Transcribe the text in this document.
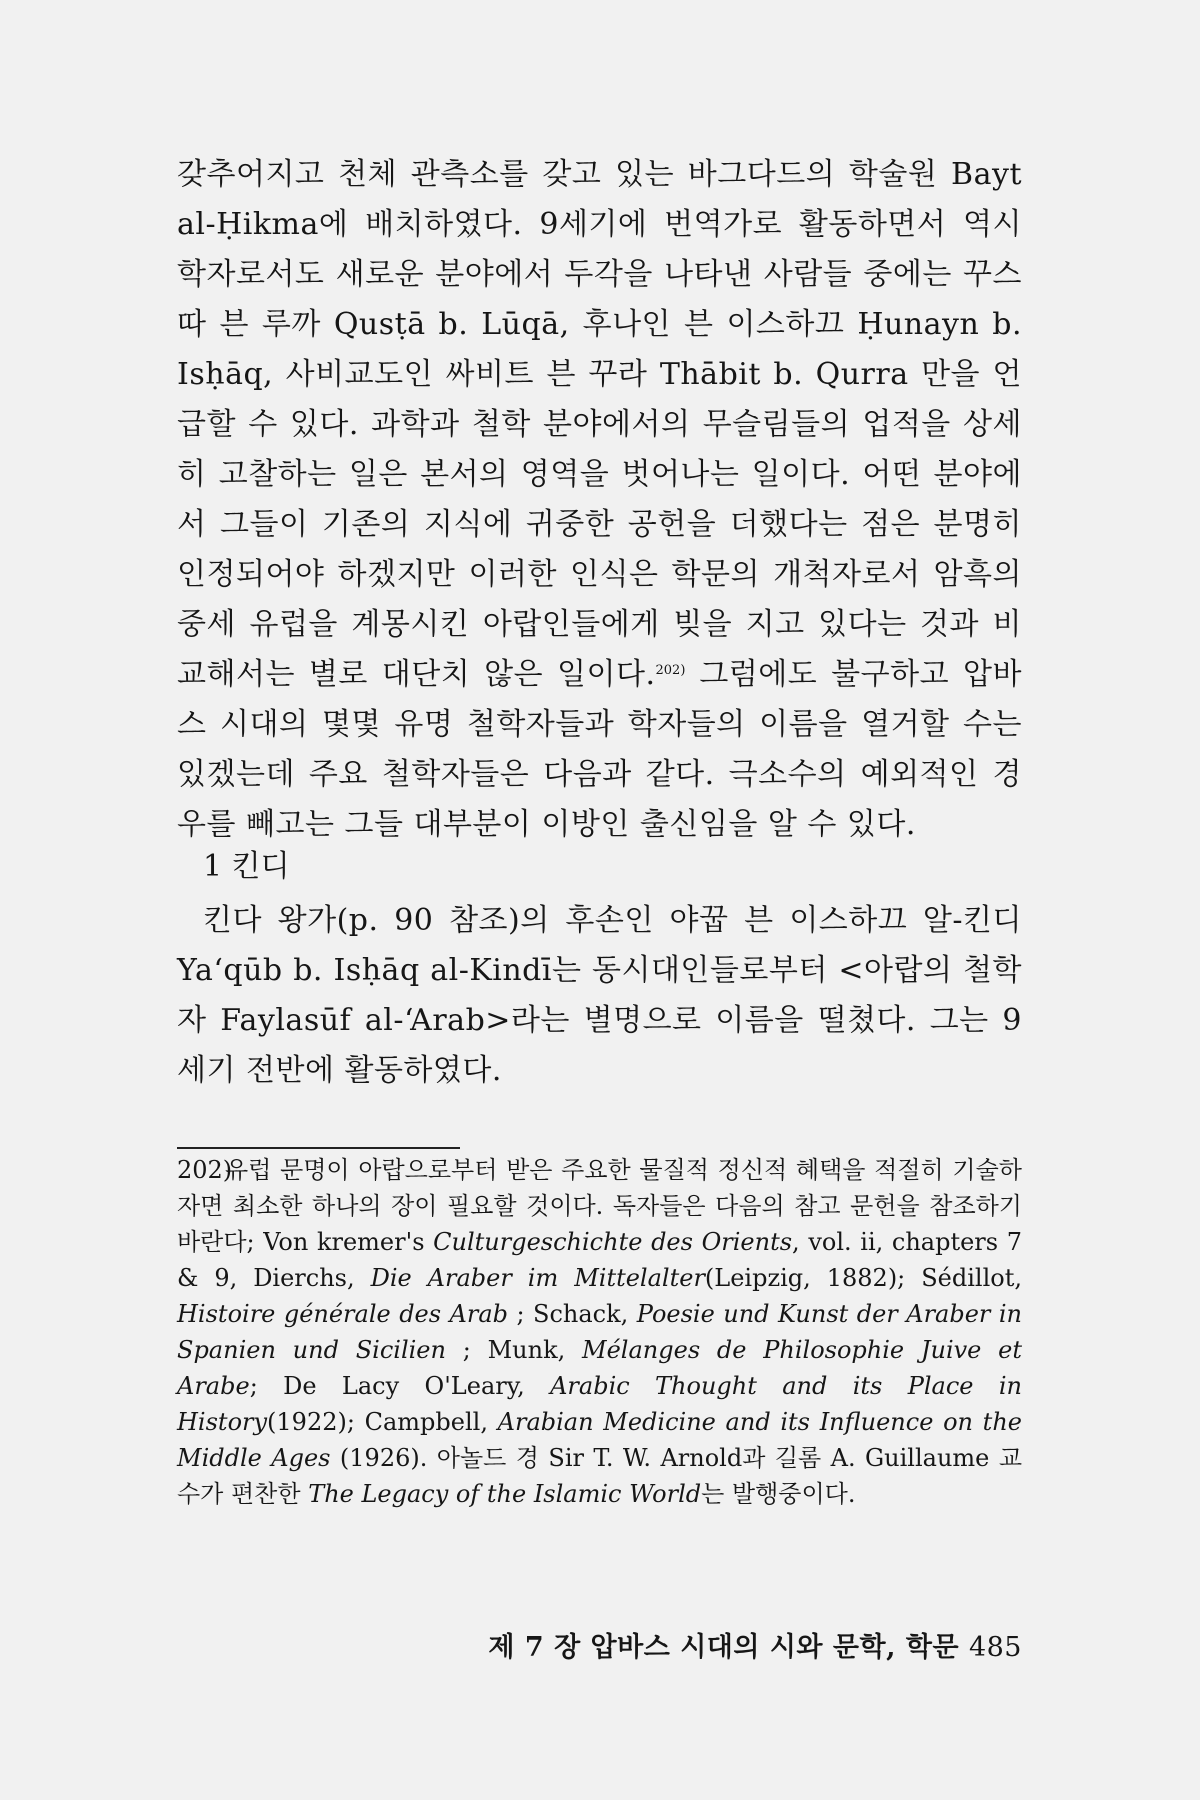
갖추어지고 천체 관측소를 갖고 있는 바그다드의 학술원 Bayt al-Ḥikma에 배치하였다. 9세기에 번역가로 활동하면서 역시 학자로서도 새로운 분야에서 두각을 나타낸 사람들 중에는 꾸스따 븐 루까 Qusṭā b. Lūqā, 후나인 븐 이스하끄 Ḥunayn b. Isḥāq, 사비교도인 싸비트 븐 꾸라 Thābit b. Qurra 만을 언급할 수 있다. 과학과 철학 분야에서의 무슬림들의 업적을 상세히 고찰하는 일은 본서의 영역을 벗어나는 일이다. 어떤 분야에서 그들이 기존의 지식에 귀중한 공헌을 더했다는 점은 분명히 인정되어야 하겠지만 이러한 인식은 학문의 개척자로서 암흑의 중세 유럽을 계몽시킨 아랍인들에게 빚을 지고 있다는 것과 비교해서는 별로 대단치 않은 일이다.$^{202)}$ 그럼에도 불구하고 압바스 시대의 몇몇 유명 철학자들과 학자들의 이름을 열거할 수는 있겠는데 주요 철학자들은 다음과 같다. 극소수의 예외적인 경우를 빼고는 그들 대부분이 이방인 출신임을 알 수 있다.

1 킨디

킨다 왕가(p. 90 참조)의 후손인 야꿉 븐 이스하끄 알-킨디 Ya‘qūb b. Isḥāq al-Kindī는 동시대인들로부터 <아랍의 철학자 Faylasūf al-‘Arab>라는 별명으로 이름을 떨쳤다. 그는 9세기 전반에 활동하였다.

202)유럽 문명이 아랍으로부터 받은 주요한 물질적 정신적 혜택을 적절히 기술하자면 최소한 하나의 장이 필요할 것이다. 독자들은 다음의 참고 문헌을 참조하기 바란다; Von kremer's Culturgeschichte des Orients, vol. ii, chapters 7 & 9, Dierchs, Die Araber im Mittelalter(Leipzig, 1882); Sédillot, Histoire générale des Arab ; Schack, Poesie und Kunst der Araber in Spanien und Sicilien ; Munk, Mélanges de Philosophie Juive et Arabe; De Lacy O'Leary, Arabic Thought and its Place in History(1922); Campbell, Arabian Medicine and its Influence on the Middle Ages (1926). 아놀드 경 Sir T. W. Arnold과 길롬 A. Guillaume 교수가 편찬한 The Legacy of the Islamic World는 발행중이다.

제 7 장 압바스 시대의 시와 문학, 학문 485
